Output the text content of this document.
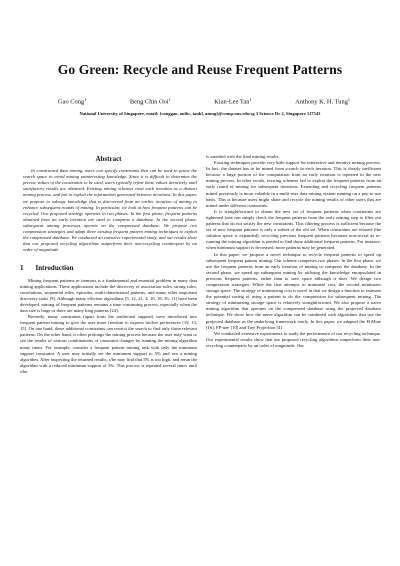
Go Green: Recycle and Reuse Frequent Patterns
Gao Cong$^1$	Beng Chin Ooi$^1$	Kian-Lee Tan$^1$	Anthony K. H. Tung$^1$
National University of Singapore, email: {conggao, ooibc, tankl, atung}@comp.nus.edu.sg 3 Science Dr 2, Singapore 117543
Abstract

In constrained data mining, users can specify constraints that can be used to prune the search space to avoid mining uninteresting knowledge. Since it is difficult to determine the precise values of the constraints to be used, users typically refine these values iteratively until satisfactory results are obtained. Existing mining schemes treat each iteration as a distinct mining process, and fail to exploit the information generated between iterations. In this paper, we propose to salvage knowledge that is discovered from an earlier iteration of mining to enhance subsequent rounds of mining. In particular, we look at how frequent patterns can be recycled. Our proposed strategy operates in two phases. In the first phase, frequent patterns obtained from an early iteration are used to compress a database. In the second phase, subsequent mining processes operate on the compressed database. We propose two compression strategies and adapt three existing frequent pattern mining techniques to exploit the compressed database. We conducted an extensive experimental study, and our results show that our proposed recycling algorithms outperform their non-recycling counterpart by an order of magnitude.

1 Introduction

Mining frequent patterns or itemsets is a fundamental and essential problem in many data mining applications. These applications include the discovery of association rules, strong rules, correlations, sequential rules, episodes, multi-dimensional patterns, and many other important discovery tasks [9]. Although many efficient algorithms [5, 12, 21, 4, 10, 18, 16, 11] have been developed, mining of frequent patterns remains a time consuming process, especially when the data size is large or there are many long patterns [24].

Recently, many constraints (apart from the traditional support) were introduced into frequent pattern mining to give the user more freedom to express his/her preferences [19, 13, 15]. On one hand, these additional constraints can restrict the search to find only those relevant patterns. On the other hand, it often prolongs the mining process because the user may want to see the results of various combinations of constraint changes by running the mining algorithm many times. For example, consider a frequent pattern mining task with only the minimum support constraint. A user may initially set the minimum support to 5% and run a mining algorithm. After inspecting the returned results, s/he may find that 5% is too high, and rerun the algorithm with a reduced minimum support of 3%. This process is repeated several times until s/he

is satisfied with the final mining results.

Existing techniques provide very little support for interactive and iterative mining process. In fact, the dataset has to be mined from scratch in each iteration. This is clearly inefficient because a large portion of the computation from an early iteration is repeated in the new mining process. In other words, existing schemes fail to exploit the frequent patterns from an early round of mining for subsequent iterations. Extending and recycling frequent patterns mined previously is more valuable in a multi-user data mining system running on a pay-to-use basis. This is because users might share and recycle the mining results of other users that are mined under different constraints.

It is straightforward to obtain the new set of frequent patterns when constraints are tightened (one can simply check the frequent patterns from the early mining step to filter out patterns that do not satisfy the new constraints. This filtering process is sufficient because the set of new frequent patterns is only a subset of the old set. When constraints are relaxed (the solution space is expanded), recycling previous frequent patterns becomes non-trivial as re-running the mining algorithm is needed to find those additional frequent patterns. For instance, when minimum support is decreased, more patterns may be generated.

In this paper, we propose a novel technique to recycle frequent patterns to speed up subsequent frequent pattern mining. Our scheme comprises two phases. In the first phase, we use the frequent patterns from an early iteration of mining to compress the database. In the second phase, we speed up subsequent mining by utilizing the knowledge encapsulated in previous frequent patterns, rather than to save space although it does. We design two compression strategies. While the first attempts to minimize cost, the second minimizes storage space. The strategy of minimizing cost is novel in that we design a function to estimate the potential saving of using a pattern to do the compression for subsequent mining. The strategy of minimizing storage space is relatively straightforward. We also propose a naive mining algorithm that operates on the compressed database using the projected database technique. We show how the naive algorithm can be combined with algorithms that use the projected database as the underlying framework easily. In this paper, we adapted the H-Mine [16], FP-tree [10] and Tree Projection [4].

We conducted extensive experiments to study the performance of our recycling technique. Our experimental results show that our proposed recycling algorithms outperform their non-recycling counterparts by an order of magnitude. Our
